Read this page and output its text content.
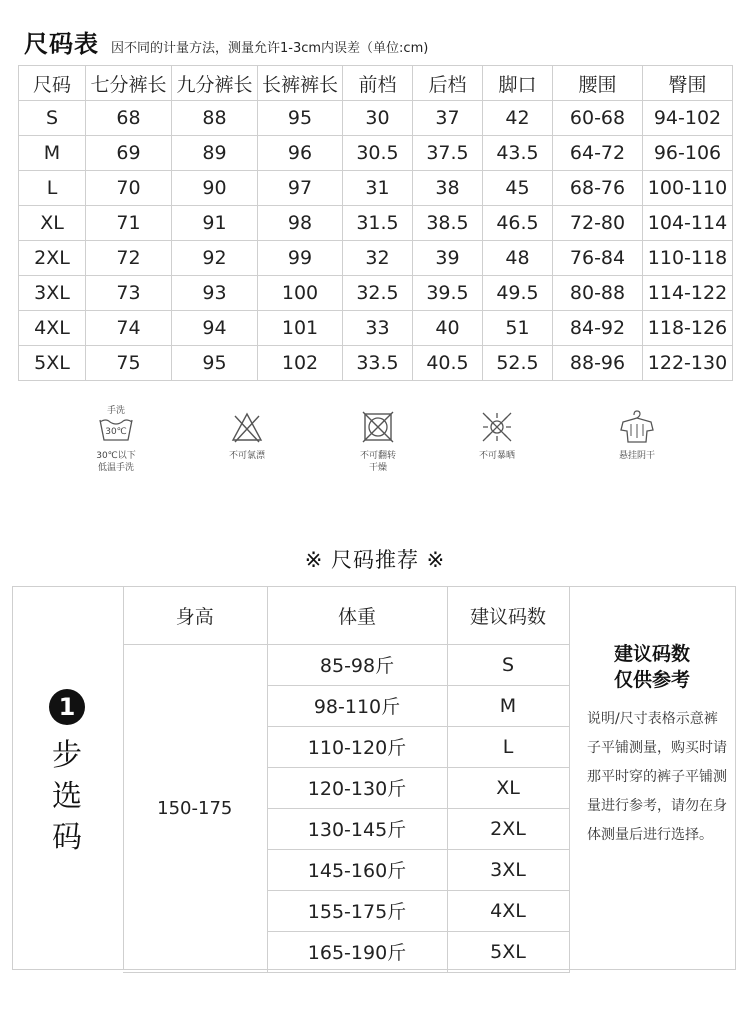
尺码表 因不同的计量方法，测量允许1-3cm内误差（单位:cm)
尺码	七分裤长	九分裤长	长裤裤长	前档	后档	脚口	腰围	臀围
S	68	88	95	30	37	42	60-68	94-102
M	69	89	96	30.5	37.5	43.5	64-72	96-106
L	70	90	97	31	38	45	68-76	100-110
XL	71	91	98	31.5	38.5	46.5	72-80	104-114
2XL	72	92	99	32	39	48	76-84	110-118
3XL	73	93	100	32.5	39.5	49.5	80-88	114-122
4XL	74	94	101	33	40	51	84-92	118-126
5XL	75	95	102	33.5	40.5	52.5	88-96	122-130
手洗
30℃
30℃以下
低温手洗
不可氯漂	不可翻转
干燥
不可暴晒	悬挂阴干
※ 尺码推荐 ※
1
步选码
身高	体重	建议码数
150-175	85-98斤	S
	98-110斤	M
	110-120斤	L
	120-130斤	XL
	130-145斤	2XL
	145-160斤	3XL
	155-175斤	4XL
	165-190斤	5XL
建议码数
仅供参考
说明/尺寸表格示意裤子平铺测量，购买时请那平时穿的裤子平铺测量进行参考，请勿在身体测量后进行选择。
